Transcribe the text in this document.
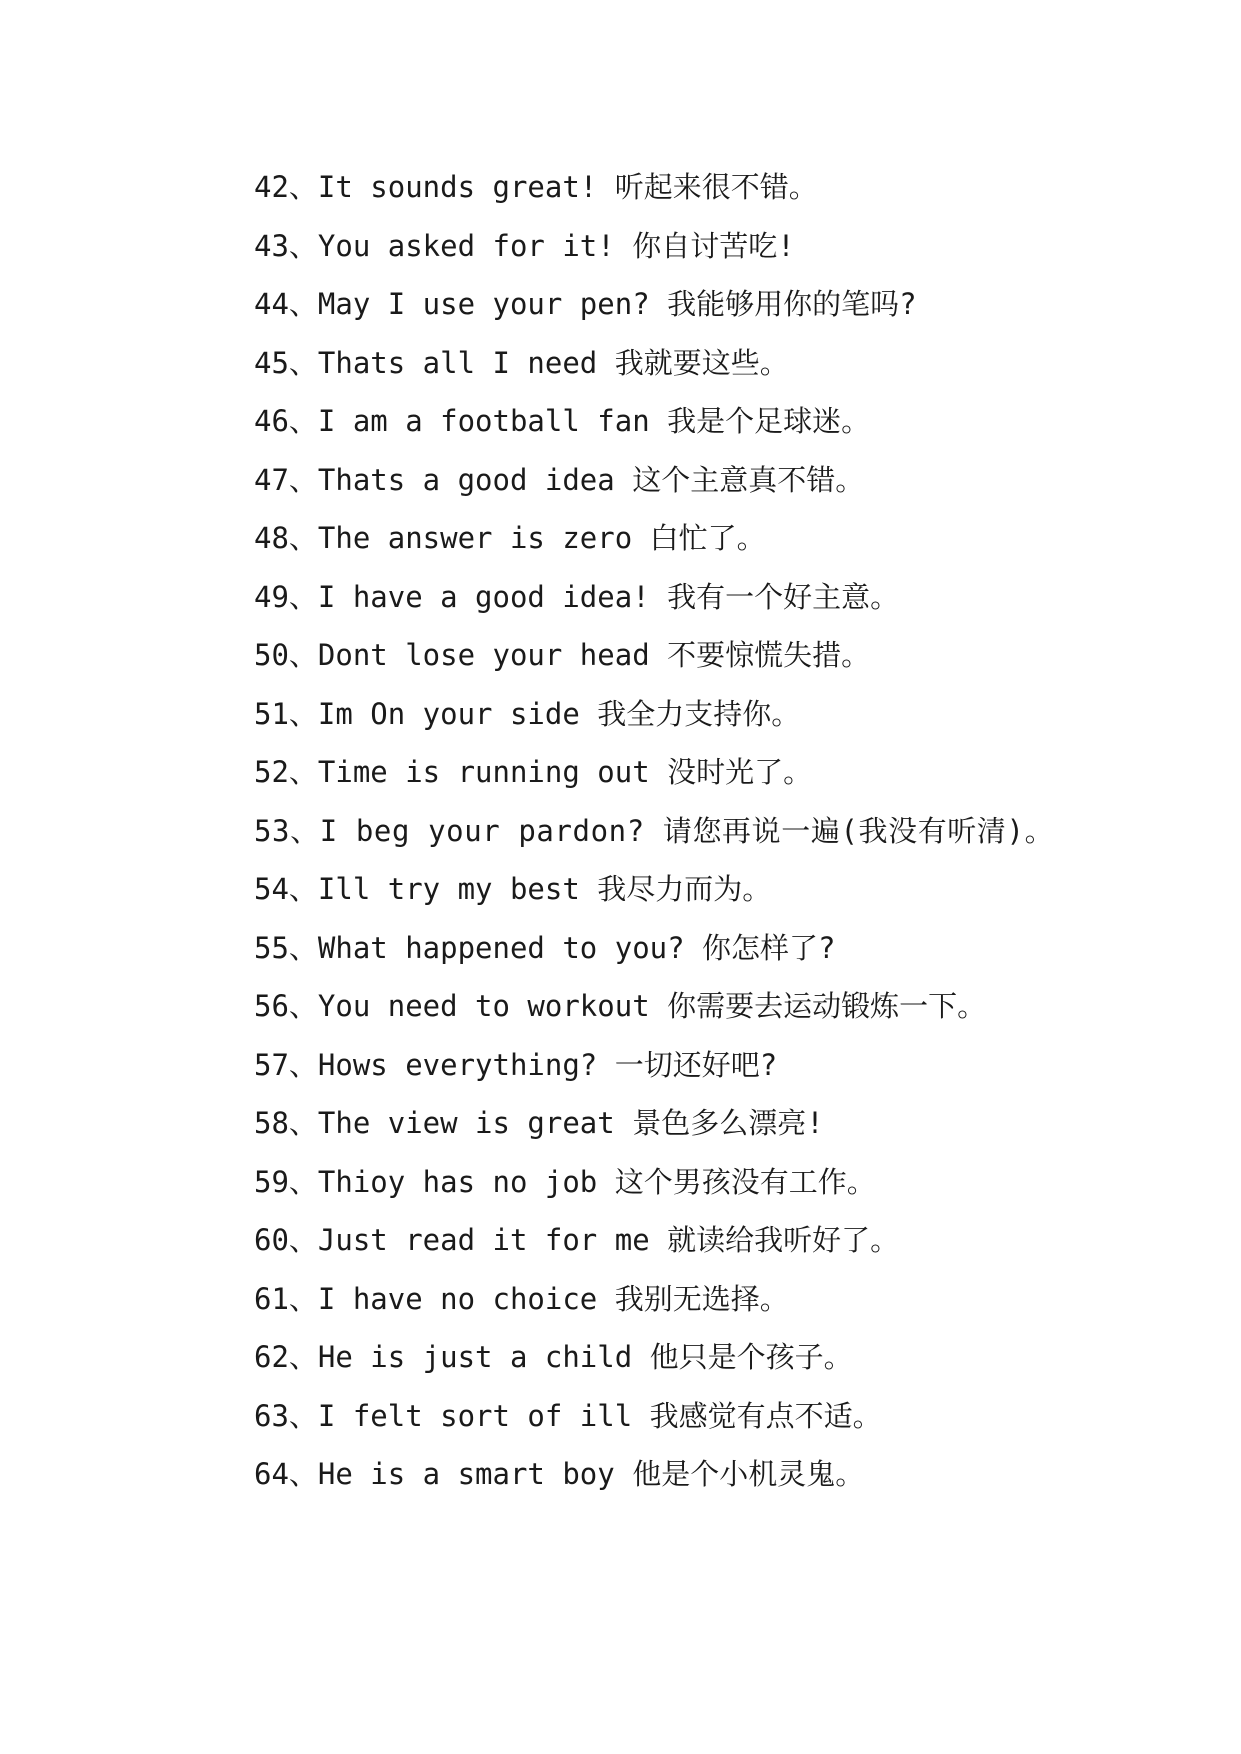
42、It sounds great! 听起来很不错。

43、You asked for it! 你自讨苦吃!

44、May I use your pen? 我能够用你的笔吗?

45、Thats all I need 我就要这些。

46、I am a football fan 我是个足球迷。

47、Thats a good idea 这个主意真不错。

48、The answer is zero 白忙了。

49、I have a good idea! 我有一个好主意。

50、Dont lose your head 不要惊慌失措。

51、Im On your side 我全力支持你。

52、Time is running out 没时光了。

53、I beg your pardon? 请您再说一遍(我没有听清)。

54、Ill try my best 我尽力而为。

55、What happened to you? 你怎样了?

56、You need to workout 你需要去运动锻炼一下。

57、Hows everything? 一切还好吧?

58、The view is great 景色多么漂亮!

59、Thioy has no job 这个男孩没有工作。

60、Just read it for me 就读给我听好了。

61、I have no choice 我别无选择。

62、He is just a child 他只是个孩子。

63、I felt sort of ill 我感觉有点不适。

64、He is a smart boy 他是个小机灵鬼。
